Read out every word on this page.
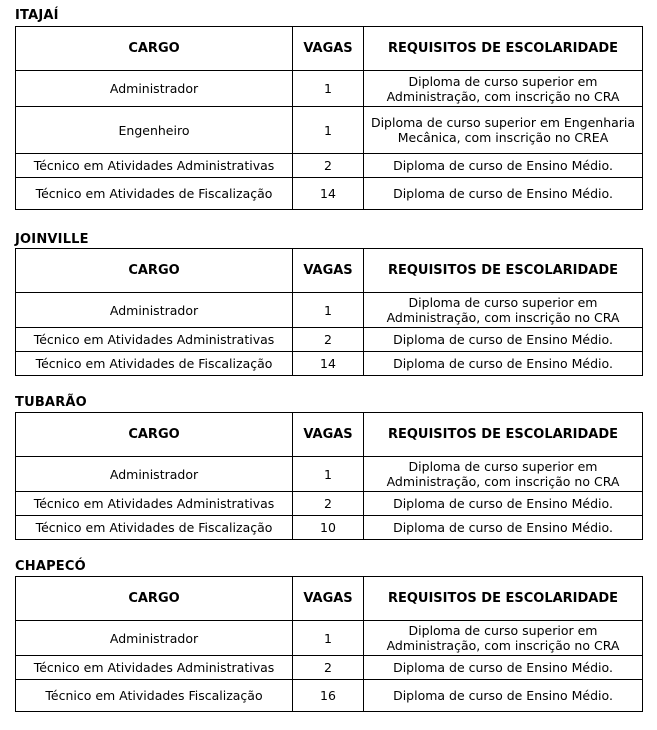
ITAJAÍ
CARGO	VAGAS	REQUISITOS DE ESCOLARIDADE
Administrador	1	Diploma de curso superior em Administração, com inscrição no CRA
Engenheiro	1	Diploma de curso superior em Engenharia Mecânica, com inscrição no CREA
Técnico em Atividades Administrativas	2	Diploma de curso de Ensino Médio.
Técnico em Atividades de Fiscalização	14	Diploma de curso de Ensino Médio.
JOINVILLE
CARGO	VAGAS	REQUISITOS DE ESCOLARIDADE
Administrador	1	Diploma de curso superior em Administração, com inscrição no CRA
Técnico em Atividades Administrativas	2	Diploma de curso de Ensino Médio.
Técnico em Atividades de Fiscalização	14	Diploma de curso de Ensino Médio.
TUBARÃO
CARGO	VAGAS	REQUISITOS DE ESCOLARIDADE
Administrador	1	Diploma de curso superior em Administração, com inscrição no CRA
Técnico em Atividades Administrativas	2	Diploma de curso de Ensino Médio.
Técnico em Atividades de Fiscalização	10	Diploma de curso de Ensino Médio.
CHAPECÓ
CARGO	VAGAS	REQUISITOS DE ESCOLARIDADE
Administrador	1	Diploma de curso superior em Administração, com inscrição no CRA
Técnico em Atividades Administrativas	2	Diploma de curso de Ensino Médio.
Técnico em Atividades Fiscalização	16	Diploma de curso de Ensino Médio.
